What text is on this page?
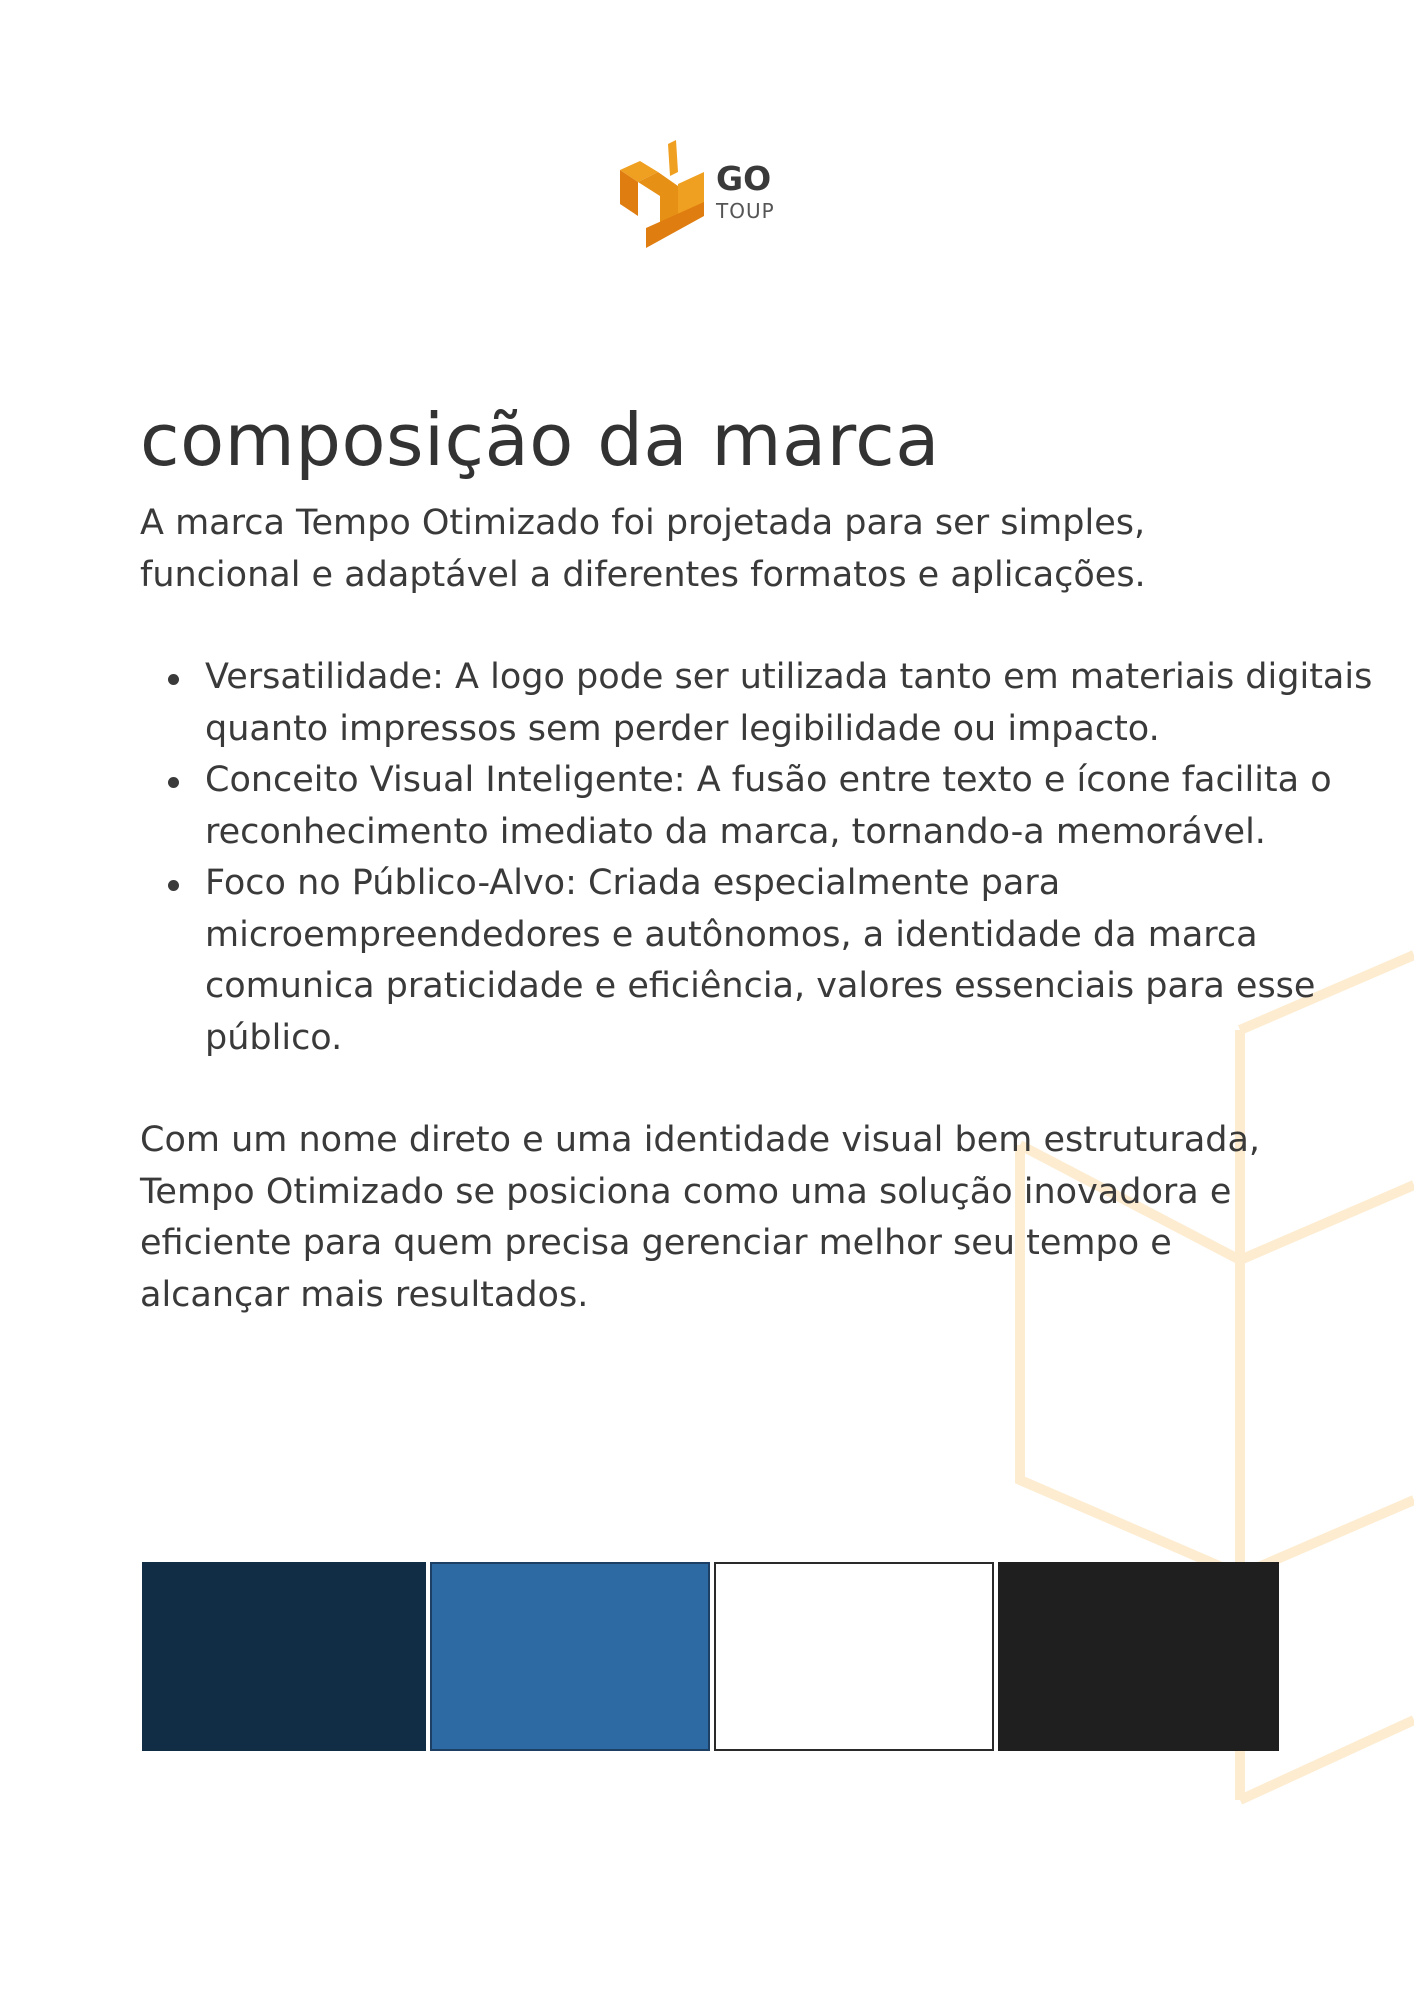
GO
TOUP
composição da marca

A marca Tempo Otimizado foi projetada para ser simples, funcional e adaptável a diferentes formatos e aplicações.

Versatilidade: A logo pode ser utilizada tanto em materiais digitais quanto impressos sem perder legibilidade ou impacto.
Conceito Visual Inteligente: A fusão entre texto e ícone facilita o reconhecimento imediato da marca, tornando-a memorável.
Foco no Público-Alvo: Criada especialmente para microempreendedores e autônomos, a identidade da marca comunica praticidade e eficiência, valores essenciais para esse público.

Com um nome direto e uma identidade visual bem estruturada, Tempo Otimizado se posiciona como uma solução inovadora e eficiente para quem precisa gerenciar melhor seu tempo e alcançar mais resultados.
